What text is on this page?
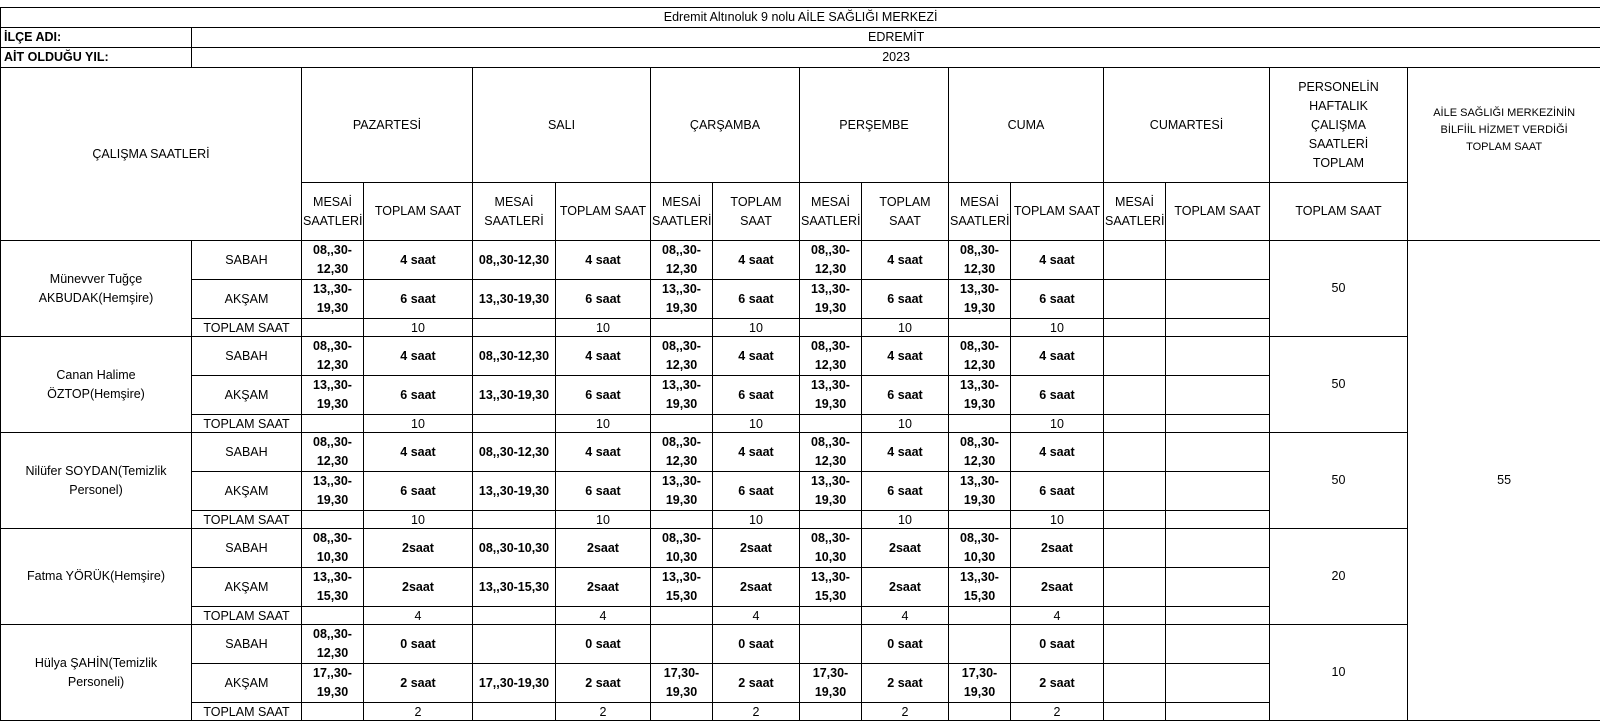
Edremit Altınoluk 9 nolu AİLE SAĞLIĞI MERKEZİ															
İLÇE ADI:	EDREMİT														
AİT OLDUĞU YIL:	2023														
ÇALIŞMA SAATLERİ		PAZARTESİ		SALI		ÇARŞAMBA		PERŞEMBE		CUMA		CUMARTESİ		PERSONELİN HAFTALIK ÇALIŞMA SAATLERİ TOPLAM	AİLE SAĞLIĞI MERKEZİNİN BİLFİİL HİZMET VERDİĞİ TOPLAM SAAT
		MESAİ SAATLERİ	TOPLAM SAAT	MESAİ SAATLERİ	TOPLAM SAAT	MESAİ SAATLERİ	TOPLAM SAAT	MESAİ SAATLERİ	TOPLAM SAAT	MESAİ SAATLERİ	TOPLAM SAAT	MESAİ SAATLERİ	TOPLAM SAAT	TOPLAM SAAT	
Münevver Tuğçe AKBUDAK(Hemşire)	SABAH	08,,30-12,30	4 saat	08,,30-12,30	4 saat	08,,30-12,30	4 saat	08,,30-12,30	4 saat	08,,30-12,30	4 saat			50	55
	AKŞAM	13,,30-19,30	6 saat	13,,30-19,30	6 saat	13,,30-19,30	6 saat	13,,30-19,30	6 saat	13,,30-19,30	6 saat				
	TOPLAM SAAT		10		10		10		10		10				
Canan Halime ÖZTOP(Hemşire)	SABAH	08,,30-12,30	4 saat	08,,30-12,30	4 saat	08,,30-12,30	4 saat	08,,30-12,30	4 saat	08,,30-12,30	4 saat			50	
	AKŞAM	13,,30-19,30	6 saat	13,,30-19,30	6 saat	13,,30-19,30	6 saat	13,,30-19,30	6 saat	13,,30-19,30	6 saat				
	TOPLAM SAAT		10		10		10		10		10				
Nilüfer SOYDAN(Temizlik Personel)	SABAH	08,,30-12,30	4 saat	08,,30-12,30	4 saat	08,,30-12,30	4 saat	08,,30-12,30	4 saat	08,,30-12,30	4 saat			50	
	AKŞAM	13,,30-19,30	6 saat	13,,30-19,30	6 saat	13,,30-19,30	6 saat	13,,30-19,30	6 saat	13,,30-19,30	6 saat				
	TOPLAM SAAT		10		10		10		10		10				
Fatma YÖRÜK(Hemşire)	SABAH	08,,30-10,30	2saat	08,,30-10,30	2saat	08,,30-10,30	2saat	08,,30-10,30	2saat	08,,30-10,30	2saat			20	
	AKŞAM	13,,30-15,30	2saat	13,,30-15,30	2saat	13,,30-15,30	2saat	13,,30-15,30	2saat	13,,30-15,30	2saat				
	TOPLAM SAAT		4		4		4		4		4				
Hülya ŞAHİN(Temizlik Personeli)	SABAH	08,,30-12,30	0 saat		0 saat		0 saat		0 saat		0 saat			10	
	AKŞAM	17,,30-19,30	2 saat	17,,30-19,30	2 saat	17,30-19,30	2 saat	17,30-19,30	2 saat	17,30-19,30	2 saat				
	TOPLAM SAAT		2		2		2		2		2				
